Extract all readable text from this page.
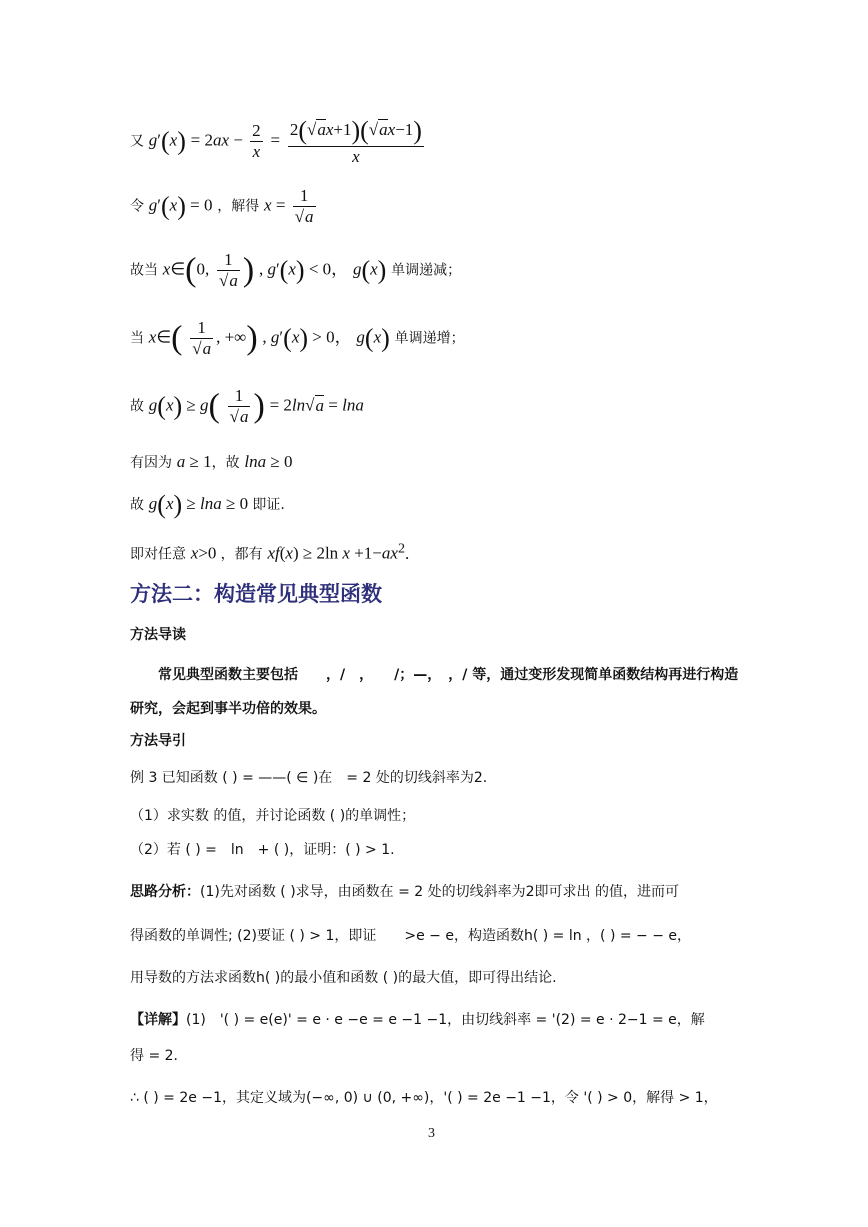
又 $g'(x) = 2ax - \frac{2}{x} = \frac{2(√ax+1)(√ax-1)}{x}$
令 g′(x) = 0 ，解得 $x = \frac{1}{√a}$
故当 x∈(0, $\frac{1}{√a}$ ) , g′(x) < 0， g(x) 单调递减；
当 x∈( $\frac{1}{√a}$ , +∞) , g′(x) > 0， g(x) 单调递增；
故 $g(x) \ge g( \frac{1}{√a}$ ) = 2ln√a = lna
有因为 a ≥ 1，故 lna ≥ 0
故 g(x) ≥ lna ≥ 0 即证.
即对任意 x>0 ，都有 xf(x) ≥ 2ln $x +1-ax^2$.
方法二：构造常见典型函数
方法导读
常见典型函数主要包括　　，/　，　　/；—，　，/ 等，通过变形发现简单函数结构再进行构造研究，会起到事半功倍的效果。
方法导引
例 3 已知函数 ( ) = ——( ∈ )在　= 2 处的切线斜率为2.
（1）求实数 的值，并讨论函数 ( )的单调性；
（2）若 ( ) =　ln　+ ( )，证明：( ) > 1.
思路分析：(1)先对函数 ( )求导，由函数在 = 2 处的切线斜率为2即可求出 的值，进而可
得函数的单调性; (2)要证 ( ) > 1，即证　　>e − e，构造函数h( ) = ln ，( ) = − − e，
用导数的方法求函数h( )的最小值和函数 ( )的最大值，即可得出结论.
【详解】(1)　'( ) = e(e)' = e · e −e = e −1 −1，由切线斜率 = '(2) = e · 2−1 = e，解
得 = 2．
∴ ( ) = 2e −1，其定义域为(−∞, 0) ∪ (0, +∞)，'( ) = 2e −1 −1，令 '( ) > 0，解得 > 1，
3
